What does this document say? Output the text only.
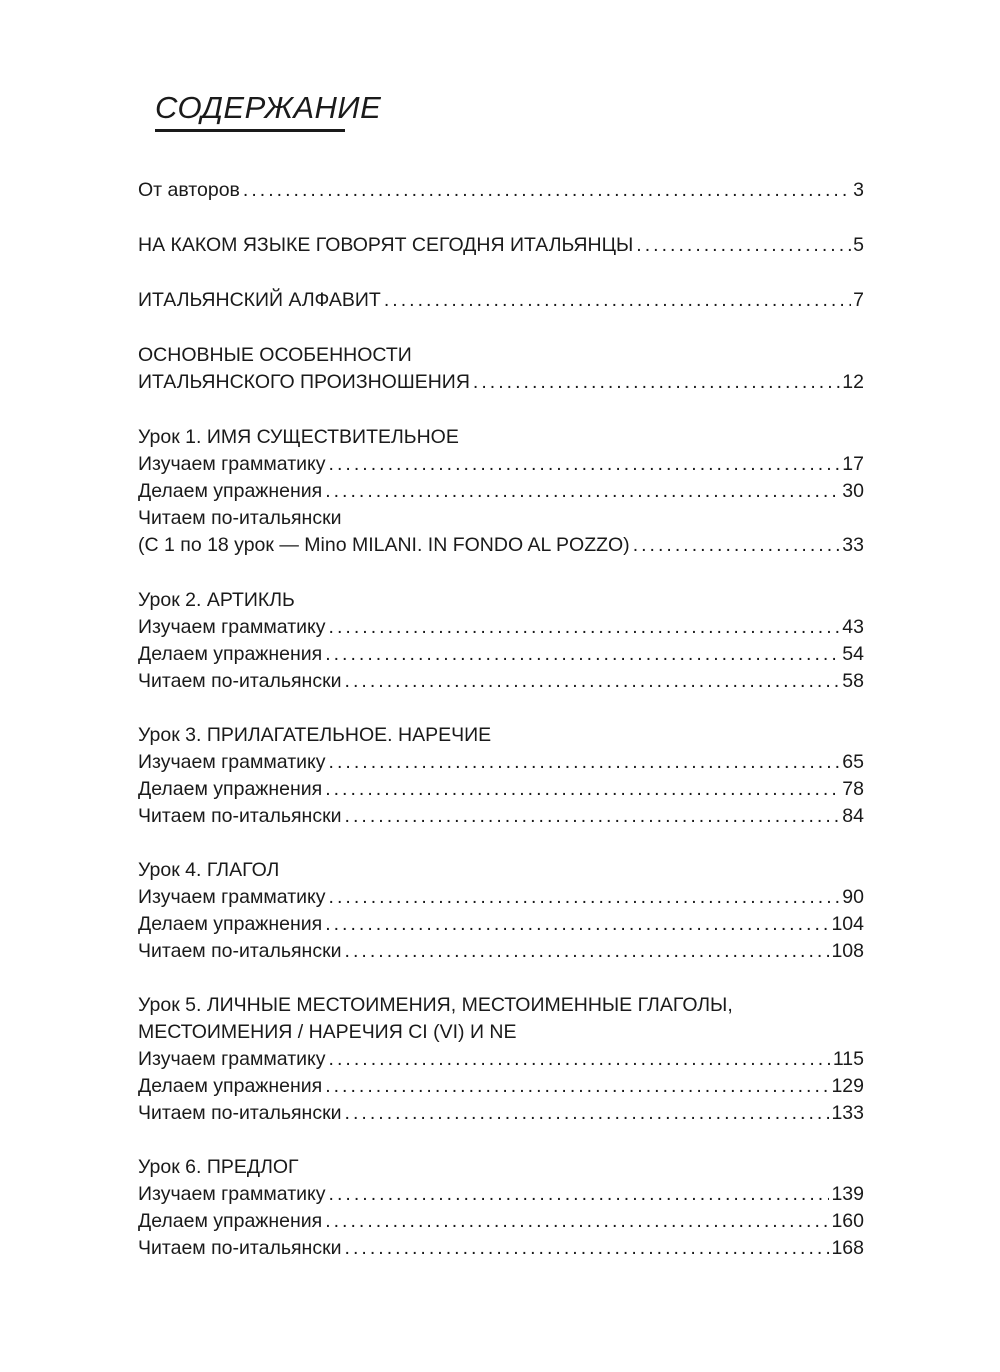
СОДЕРЖАНИЕ
От авторов . . .	3
НА КАКОМ ЯЗЫКЕ ГОВОРЯТ СЕГОДНЯ ИТАЛЬЯНЦЫ . . .	5
ИТАЛЬЯНСКИЙ АЛФАВИТ . . .	7
ОСНОВНЫЕ ОСОБЕННОСТИ
ИТАЛЬЯНСКОГО ПРОИЗНОШЕНИЯ . . .	12
Урок 1. ИМЯ СУЩЕСТВИТЕЛЬНОЕ
Изучаем грамматику . . .	17
Делаем упражнения . . .	30
Читаем по-итальянски
(С 1 по 18 урок — Mino MILANI. IN FONDO AL POZZO) . . .	33
Урок 2. АРТИКЛЬ
Изучаем грамматику . . .	43
Делаем упражнения . . .	54
Читаем по-итальянски . . .	58
Урок 3. ПРИЛАГАТЕЛЬНОЕ. НАРЕЧИЕ
Изучаем грамматику . . .	65
Делаем упражнения . . .	78
Читаем по-итальянски . . .	84
Урок 4. ГЛАГОЛ
Изучаем грамматику . . .	90
Делаем упражнения . . .	104
Читаем по-итальянски . . .	108
Урок 5. ЛИЧНЫЕ МЕСТОИМЕНИЯ, МЕСТОИМЕННЫЕ ГЛАГОЛЫ,
МЕСТОИМЕНИЯ / НАРЕЧИЯ CI (VI) И NE
Изучаем грамматику . . .	115
Делаем упражнения . . .	129
Читаем по-итальянски . . .	133
Урок 6. ПРЕДЛОГ
Изучаем грамматику . . .	139
Делаем упражнения . . .	160
Читаем по-итальянски . . .	168
